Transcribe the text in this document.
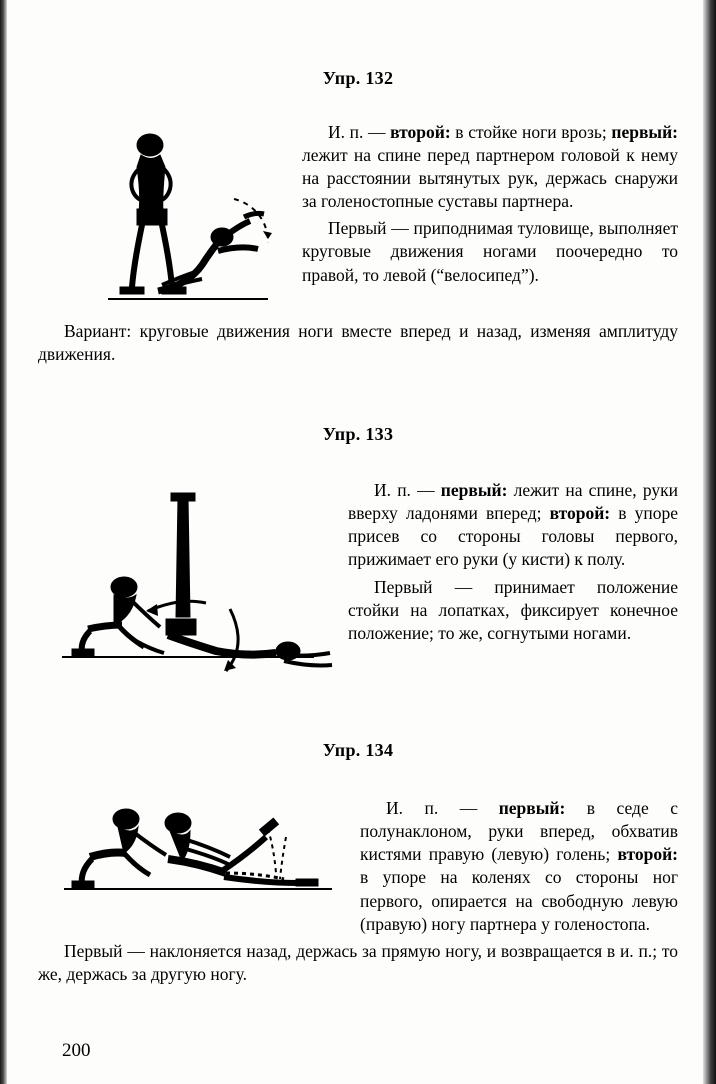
Упр. 132

И. п. — второй: в стойке ноги врозь; первый: лежит на спине перед партнером головой к нему на расстоянии вытянутых рук, держась снаружи за голеностопные суставы партнера.

Первый — приподнимая туловище, выполняет круговые движения ногами поочередно то правой, то левой (“велосипед”).

Вариант: круговые движения ноги вместе вперед и назад, изменяя амплитуду движения.

Упр. 133

И. п. — первый: лежит на спине, руки вверху ладонями вперед; второй: в упоре присев со стороны головы первого, прижимает его руки (у кисти) к полу.

Первый — принимает положение стойки на лопатках, фиксирует конечное положение; то же, согнутыми ногами.

Упр. 134

И. п. — первый: в седе с полунаклоном, руки вперед, обхватив кистями правую (левую) голень; второй: в упоре на коленях со стороны ног первого, опирается на свободную левую (правую) ногу партнера у голеностопа.

Первый — наклоняется назад, держась за прямую ногу, и возвращается в и. п.; то же, держась за другую ногу.

200
